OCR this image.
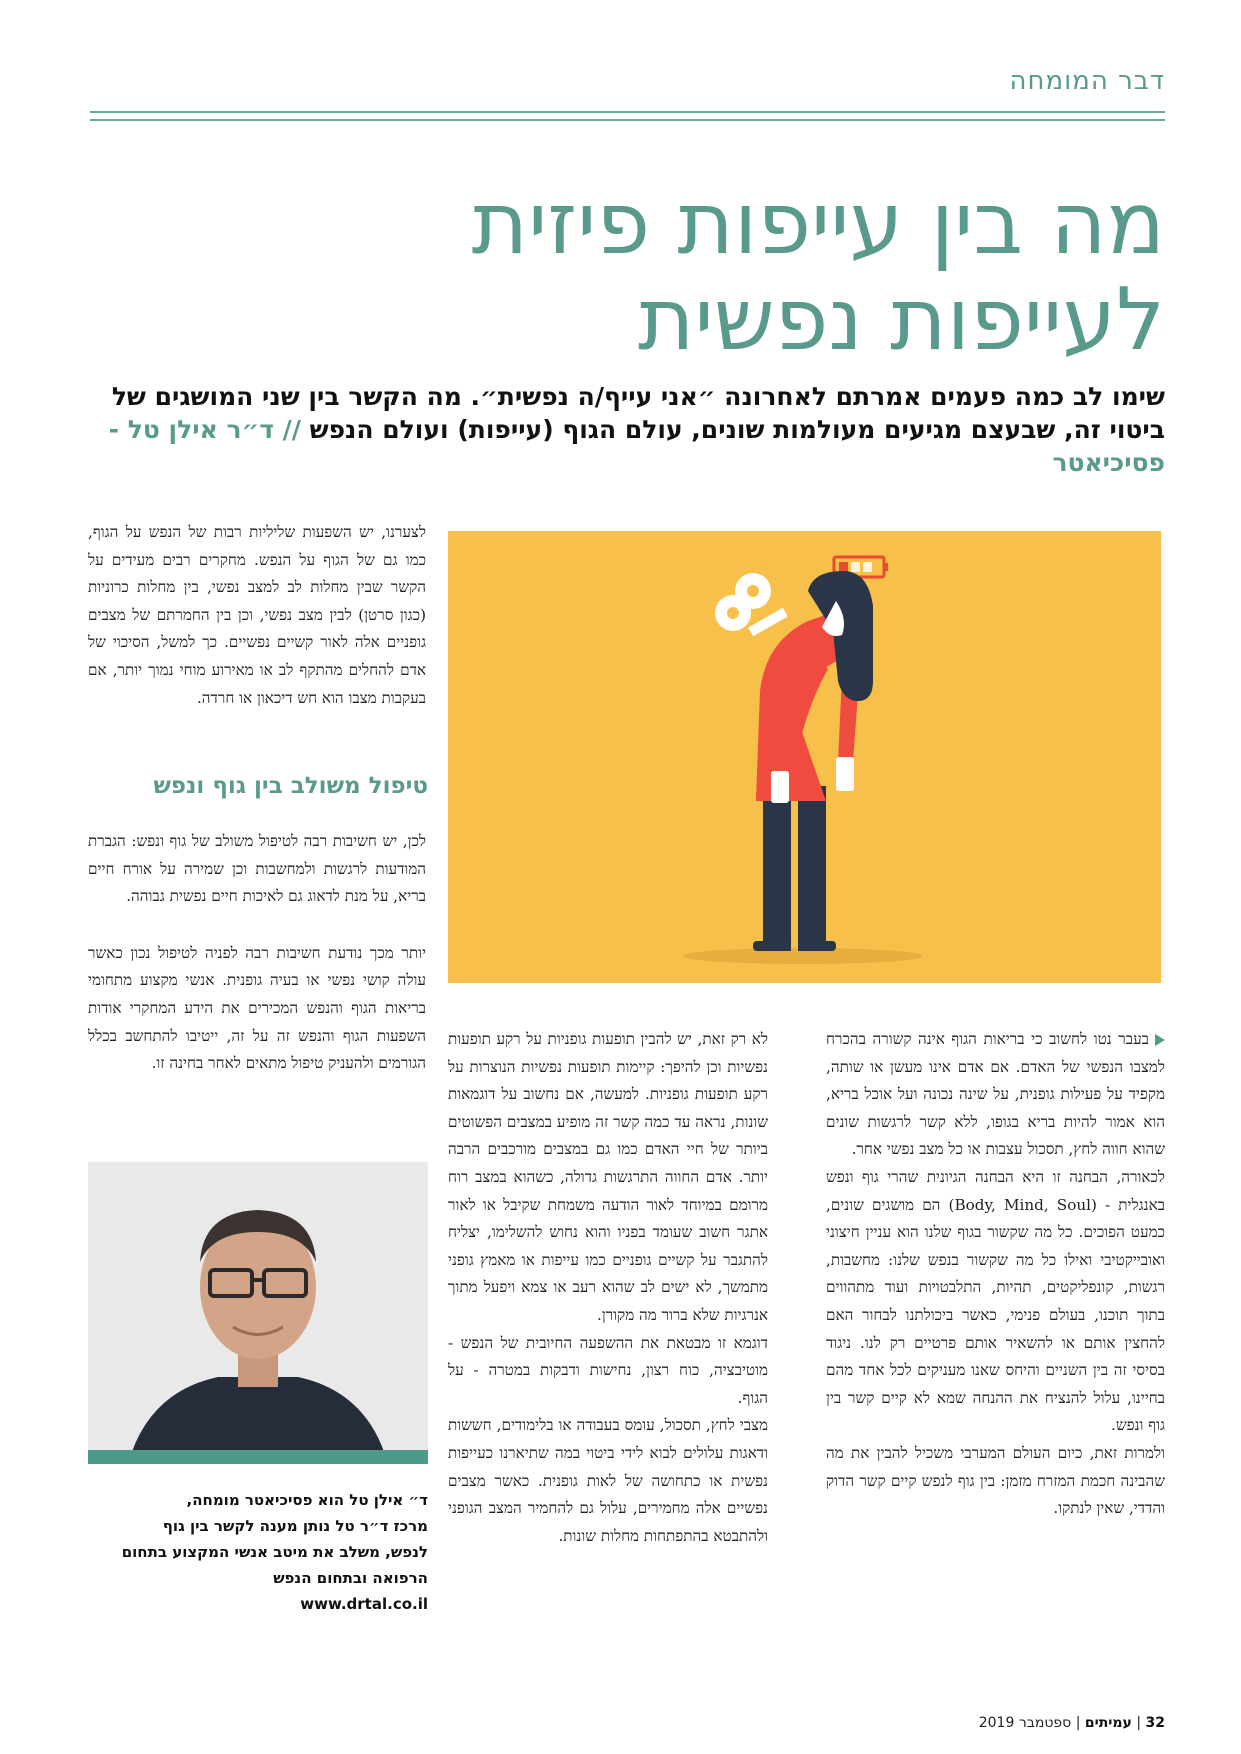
דבר המומחה
מה בין עייפות פיזית
לעייפות נפשית
שימו לב כמה פעמים אמרתם לאחרונה ״אני עייף/ה נפשית״. מה הקשר בין שני המושגים של ביטוי זה, שבעצם מגיעים מעולמות שונים, עולם הגוף (עייפות) ועולם הנפש // ד״ר אילן טל - פסיכיאטר

לצערנו, יש השפעות שליליות רבות של הנפש על הגוף, כמו גם של הגוף על הנפש. מחקרים רבים מעידים על הקשר שבין מחלות לב למצב נפשי, בין מחלות כרוניות (כגון סרטן) לבין מצב נפשי, וכן בין החמרתם של מצבים גופניים אלה לאור קשיים נפשיים. כך למשל, הסיכוי של אדם להחלים מהתקף לב או מאירוע מוחי נמוך יותר, אם בעקבות מצבו הוא חש דיכאון או חרדה.

טיפול משולב בין גוף ונפש

לכן, יש חשיבות רבה לטיפול משולב של גוף ונפש: הגברת המודעות לרגשות ולמחשבות וכן שמירה על אורח חיים בריא, על מנת לדאוג גם לאיכות חיים נפשית גבוהה.

יותר מכך נודעת חשיבות רבה לפניה לטיפול נכון כאשר עולה קושי נפשי או בעיה גופנית. אנשי מקצוע מתחומי בריאות הגוף והנפש המכירים את הידע המחקרי אודות השפעות הגוף והנפש זה על זה, ייטיבו להתחשב בכלל הגורמים ולהעניק טיפול מתאים לאחר בחינה זו.

ד״ אילן טל הוא פסיכיאטר מומחה,
מרכז ד״ר טל נותן מענה לקשר בין גוף
לנפש, משלב את מיטב אנשי המקצוע בתחום
הרפואה ובתחום הנפש
www.drtal.co.il

לא רק זאת, יש להבין תופעות גופניות על רקע תופעות נפשיות וכן להיפך: קיימות תופעות נפשיות הנוצרות על רקע תופעות גופניות. למעשה, אם נחשוב על דוגמאות שונות, נראה עד כמה קשר זה מופיע במצבים הפשוטים ביותר של חיי האדם כמו גם במצבים מורכבים הרבה יותר. אדם החווה התרגשות גדולה, כשהוא במצב רוח מרומם במיוחד לאור הודעה משמחת שקיבל או לאור אתגר חשוב שעומד בפניו והוא נחוש להשלימו, יצליח להתגבר על קשיים גופניים כמו עייפות או מאמץ גופני מתמשך, לא ישים לב שהוא רעב או צמא ויפעל מתוך אנרגיות שלא ברור מה מקורן.

דוגמא זו מבטאת את ההשפעה החיובית של הנפש - מוטיבציה, כוח רצון, נחישות ודבקות במטרה - על הגוף.

מצבי לחץ, תסכול, עומס בעבודה או בלימודים, חששות ודאגות עלולים לבוא לידי ביטוי במה שתיארנו כעייפות נפשית או כתחושה של לאות גופנית. כאשר מצבים נפשיים אלה מחמירים, עלול גם להחמיר המצב הגופני ולהתבטא בהתפתחות מחלות שונות.

בעבר נטו לחשוב כי בריאות הגוף אינה קשורה בהכרח למצבו הנפשי של האדם. אם אדם אינו מעשן או שותה, מקפיד על פעילות גופנית, על שינה נכונה ועל אוכל בריא, הוא אמור להיות בריא בגופו, ללא קשר לרגשות שונים שהוא חווה לחץ, תסכול עצבות או כל מצב נפשי אחר.

לכאורה, הבחנה זו היא הבחנה הגיונית שהרי גוף ונפש באנגלית - (Body, Mind, Soul) הם מושגים שונים, כמעט הפוכים. כל מה שקשור בגוף שלנו הוא עניין חיצוני ואובייקטיבי ואילו כל מה שקשור בנפש שלנו: מחשבות, רגשות, קונפליקטים, תהיות, התלבטויות ועוד מתהווים בתוך תוכנו, בעולם פנימי, כאשר ביכולתנו לבחור האם להחצין אותם או להשאיר אותם פרטיים רק לנו. ניגוד בסיסי זה בין השניים והיחס שאנו מעניקים לכל אחד מהם בחיינו, עלול להנציח את ההנחה שמא לא קיים קשר בין גוף ונפש.

ולמרות זאת, כיום העולם המערבי משכיל להבין את מה שהבינה חכמת המזרח מזמן: בין גוף לנפש קיים קשר הדוק והדדי, שאין לנתקו.

32 | עמיתים | ספטמבר 2019
